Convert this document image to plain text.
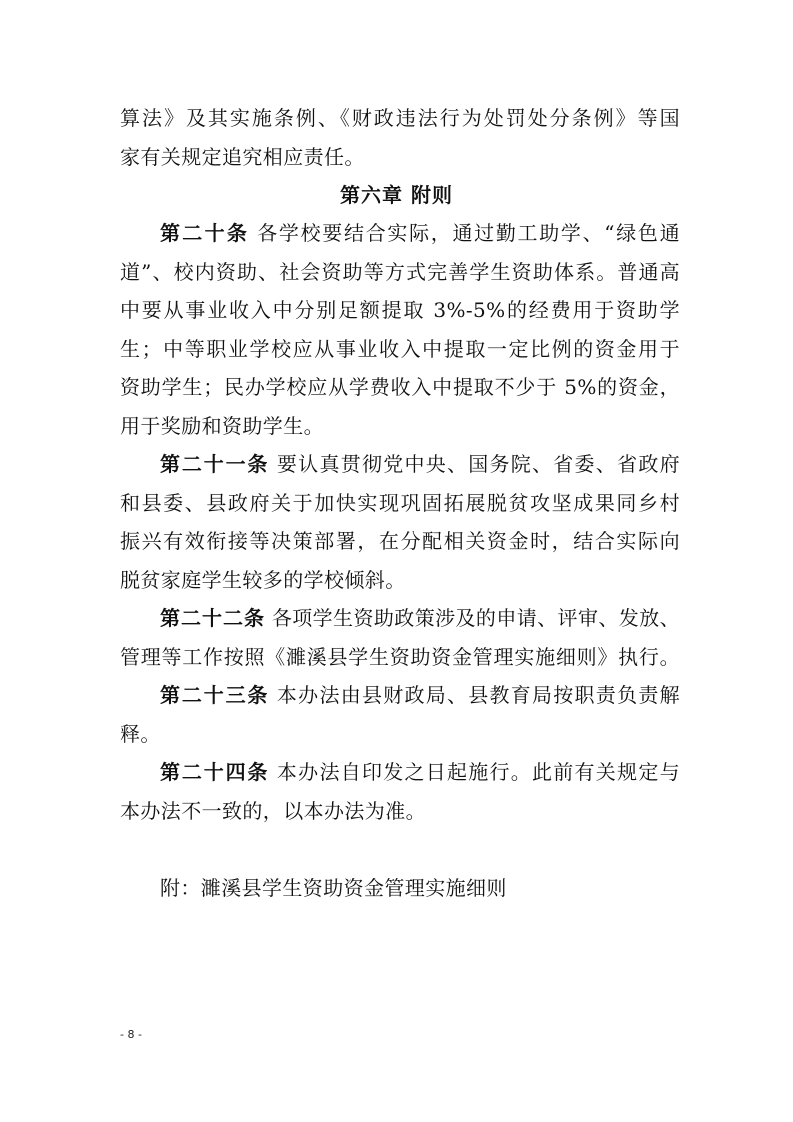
算法》及其实施条例、《财政违法行为处罚处分条例》等国
家有关规定追究相应责任。
第六章 附则
第二十条 各学校要结合实际，通过勤工助学、“绿色通
道”、校内资助、社会资助等方式完善学生资助体系。普通高
中要从事业收入中分别足额提取 3%-5%的经费用于资助学
生；中等职业学校应从事业收入中提取一定比例的资金用于
资助学生；民办学校应从学费收入中提取不少于 5%的资金，
用于奖励和资助学生。
第二十一条 要认真贯彻党中央、国务院、省委、省政府
和县委、县政府关于加快实现巩固拓展脱贫攻坚成果同乡村
振兴有效衔接等决策部署，在分配相关资金时，结合实际向
脱贫家庭学生较多的学校倾斜。
第二十二条 各项学生资助政策涉及的申请、评审、发放、
管理等工作按照《濉溪县学生资助资金管理实施细则》执行。
第二十三条 本办法由县财政局、县教育局按职责负责解
释。
第二十四条 本办法自印发之日起施行。此前有关规定与
本办法不一致的，以本办法为准。
附：濉溪县学生资助资金管理实施细则
- 8 -
